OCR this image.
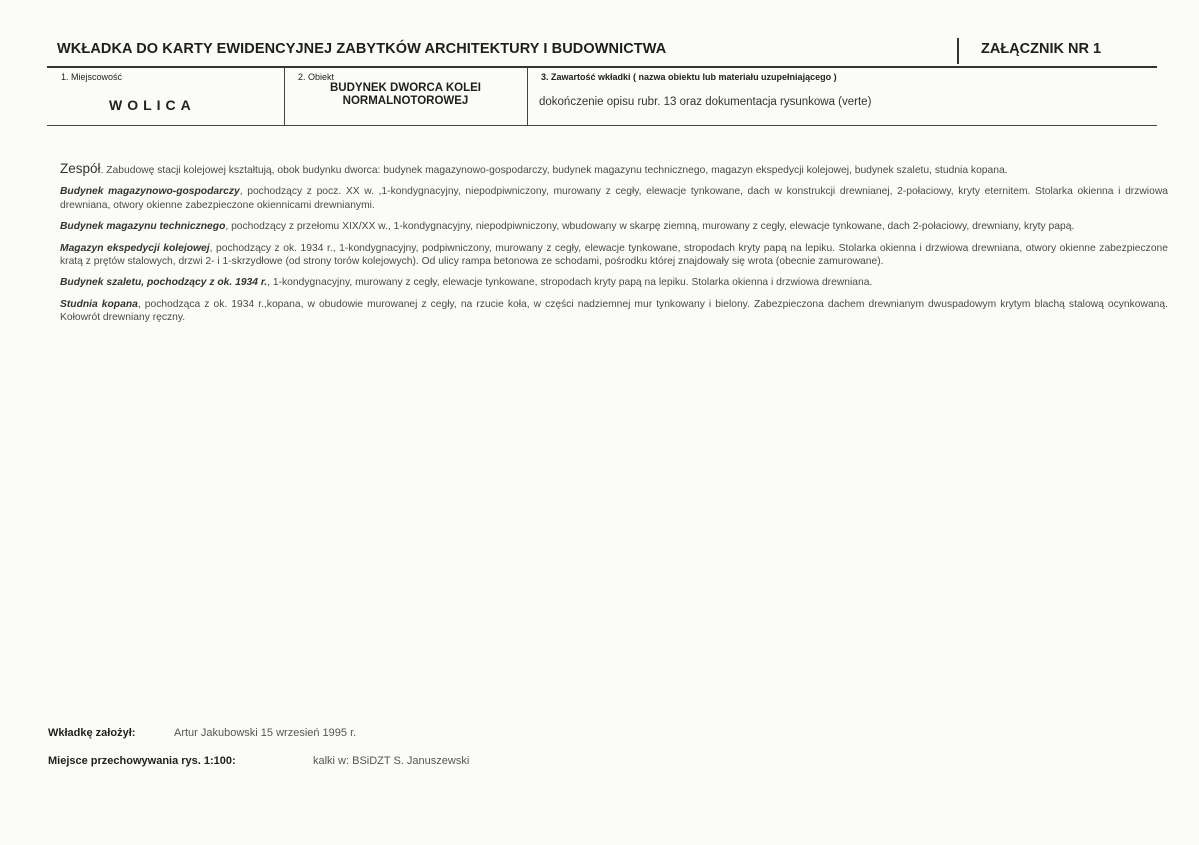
WKŁADKA DO KARTY EWIDENCYJNEJ ZABYTKÓW ARCHITEKTURY I BUDOWNICTWA	ZAŁĄCZNIK NR 1
1. Miejscowość
WOLICA
2. Obiekt
BUDYNEK DWORCA KOLEI
NORMALNOTOROWEJ
3. Zawartość wkładki ( nazwa obiektu lub materiału uzupełniającego )
dokończenie opisu rubr. 13 oraz dokumentacja rysunkowa (verte)

Zespół. Zabudowę stacji kolejowej kształtują, obok budynku dworca: budynek magazynowo-gospodarczy, budynek magazynu technicznego, magazyn ekspedycji kolejowej, budynek szaletu, studnia kopana.

Budynek magazynowo-gospodarczy, pochodzący z pocz. XX w. ,1-kondygnacyjny, niepodpiwniczony, murowany z cegły, elewacje tynkowane, dach w konstrukcji drewnianej, 2-połaciowy, kryty eternitem. Stolarka okienna i drzwiowa drewniana, otwory okienne zabezpieczone okiennicami drewnianymi.

Budynek magazynu technicznego, pochodzący z przełomu XIX/XX w., 1-kondygnacyjny, niepodpiwniczony, wbudowany w skarpę ziemną, murowany z cegły, elewacje tynkowane, dach 2-połaciowy, drewniany, kryty papą.

Magazyn ekspedycji kolejowej, pochodzący z ok. 1934 r., 1-kondygnacyjny, podpiwniczony, murowany z cegły, elewacje tynkowane, stropodach kryty papą na lepiku. Stolarka okienna i drzwiowa drewniana, otwory okienne zabezpieczone kratą z prętów stalowych, drzwi 2- i 1-skrzydłowe (od strony torów kolejowych). Od ulicy rampa betonowa ze schodami, pośrodku której znajdowały się wrota (obecnie zamurowane).

Budynek szaletu, pochodzący z ok. 1934 r., 1-kondygnacyjny, murowany z cegły, elewacje tynkowane, stropodach kryty papą na lepiku. Stolarka okienna i drzwiowa drewniana.

Studnia kopana, pochodząca z ok. 1934 r.,kopana, w obudowie murowanej z cegły, na rzucie koła, w części nadziemnej mur tynkowany i bielony. Zabezpieczona dachem drewnianym dwuspadowym krytym blachą stalową ocynkowaną. Kołowrót drewniany ręczny.

Wkładkę założył:	Artur Jakubowski 15 wrzesień 1995 r.
Miejsce przechowywania rys. 1:100:	kalki w: BSiDZT S. Januszewski
